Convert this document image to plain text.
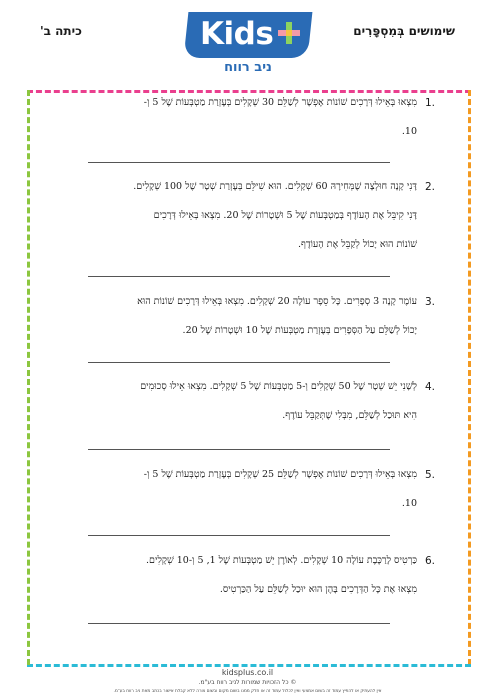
שימושים בְּמִסְפָּרִים
כיתה ב'	Kids
ניב רווח
1.
מִצְאוּ בְּאֵילוּ דְּרָכִים שׁוֹנוֹת אֶפְשָׁר לְשַׁלֵּם 30 שְׁקָלִים בְּעֶזְרַת מַטְבְּעוֹת שֶׁל 5 וְ-
10.
2.
דָּנִי קָנָה חוּלְצָה שֶׁמְּחִירָהּ 60 שְׁקָלִים. הוּא שִׁילֵּם בְּעֶזְרַת שְׁטָר שֶׁל 100 שְׁקָלִים.
דָּנִי קִיבֵּל אֶת הָעוֹדֶף בְּמַטְבְּעוֹת שֶׁל 5 וּשְׁטָרוֹת שֶׁל 20. מִצְאוּ בְּאֵילוּ דְּרָכִים
שׁוֹנוֹת הוּא יָכוֹל לְקַבֵּל אֶת הָעוֹדֶף.
3.
עוֹמֶר קָנָה 3 סְפָרִים. כָּל סֵפֶר עוֹלֶה 20 שְׁקָלִים. מִצְאוּ בְּאֵילוּ דְּרָכִים שׁוֹנוֹת הוּא
יָכוֹל לְשַׁלֵּם עַל הַסְּפָרִים בְּעֶזְרַת מַטְבְּעוֹת שֶׁל 10 וּשְׁטָרוֹת שֶׁל 20.
4.
לְשָׁנִי יֵשׁ שְׁטָר שֶׁל 50 שְׁקָלִים וְ-5 מַטְבְּעוֹת שֶׁל 5 שְׁקָלִים. מִצְאוּ אֵילוּ סְכוּמִים
הִיא תּוּכַל לְשַׁלֵּם, מִבְּלִי שֶׁתְּקַבֵּל עוֹדֶף.
5.
מִצְאוּ בְּאֵילוּ דְּרָכִים שׁוֹנוֹת אֶפְשָׁר לְשַׁלֵּם 25 שְׁקָלִים בְּעֶזְרַת מַטְבְּעוֹת שֶׁל 5 וְ-
10.
6.
כַּרְטִיס לָרַכֶּבֶת עוֹלֶה 10 שְׁקָלִים. לְאוֹרֶן יֵשׁ מַטְבְּעוֹת שֶׁל 1, 5 וְ-10 שְׁקָלִים.
מִצְאוּ אֶת כָּל הַדְּרָכִים בָּהֶן הוּא יוּכַל לְשַׁלֵּם עַל הַכַּרְטִיס.
kidsplus.co.il
© כל הזכויות שמורות לניב רווח בע"מ.
אין להעתיק או להפיץ עמוד זה בשום אמצעי ואין לכלול עמוד זה או חלק ממנו בשום מקום ובשום צורה ללא קבלת אישור בכתב מאת ניב רווח בע"מ.
